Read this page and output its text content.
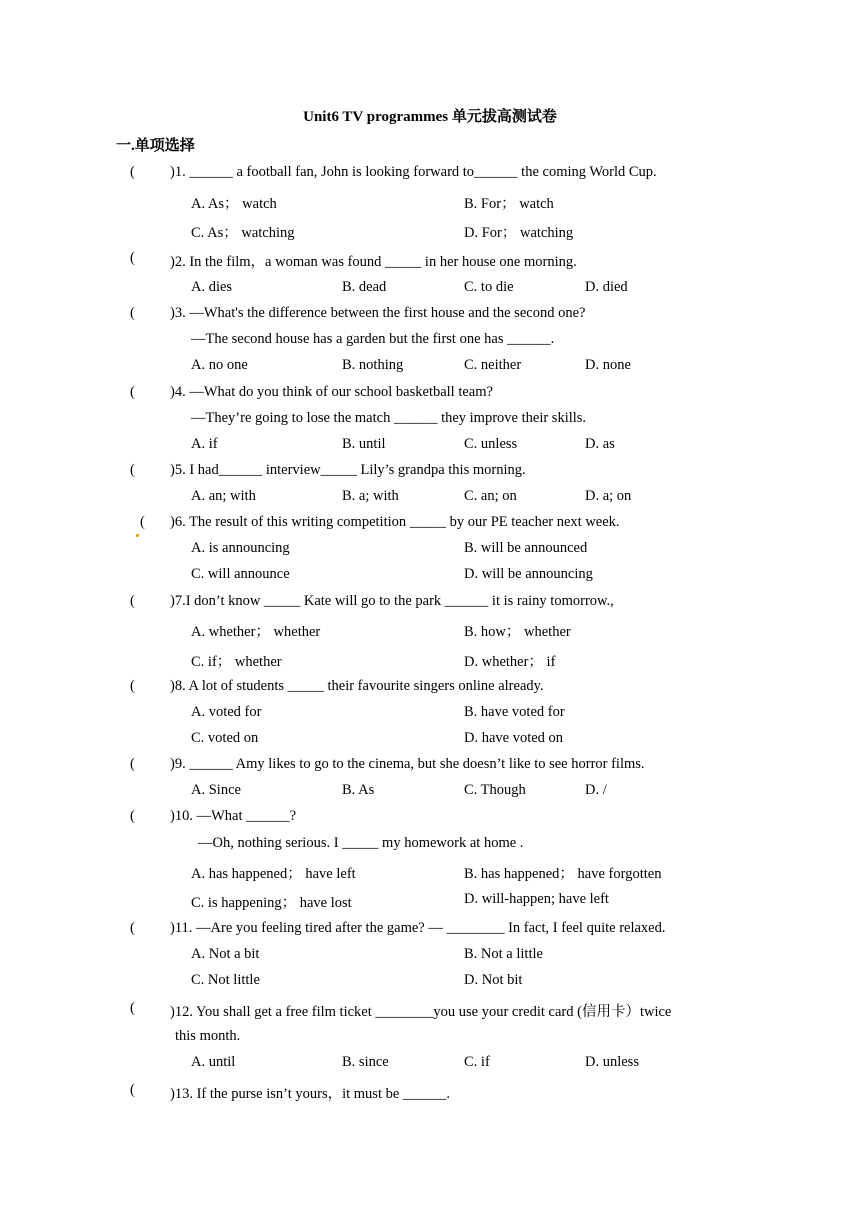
Unit6 TV programmes 单元拔高测试卷
一.单项选择
( )1. ______ a football fan, John is looking forward to______ the coming World Cup.
A. As； watch	B. For； watch
C. As； watching	D. For； watching
( )2. In the film，a woman was found _____ in her house one morning.
A. dies	B. dead	C. to die	D. died
( )3. —What's the difference between the first house and the second one?
—The second house has a garden but the first one has ______.
A. no one	B. nothing	C. neither	D. none
( )4. —What do you think of our school basketball team?
—They’re going to lose the match ______ they improve their skills.
A. if	B. until	C. unless	D. as
( )5. I had______ interview_____ Lily’s grandpa this morning.
A. an; with	B. a; with	C. an; on	D. a; on
( )6. The result of this writing competition _____ by our PE teacher next week.
A. is announcing	B. will be announced
C. will announce	D. will be announcing
( )7.I don’t know _____ Kate will go to the park ______ it is rainy tomorrow.,
A. whether； whether	B. how； whether
C. if； whether	D. whether； if
( )8. A lot of students _____ their favourite singers online already.
A. voted for	B. have voted for
C. voted on	D. have voted on
( )9. ______ Amy likes to go to the cinema, but she doesn’t like to see horror films.
A. Since	B. As	C. Though	D. /
( )10. —What ______?
—Oh, nothing serious. I _____ my homework at home .
A. has happened； have left	B. has happened； have forgotten
C. is happening； have lost	D. will-happen; have left
( )11. —Are you feeling tired after the game? — ________ In fact, I feel quite relaxed.
A. Not a bit	B. Not a little
C. Not little	D. Not bit
( )12. You shall get a free film ticket ________you use your credit card (信用卡）twice
this month.
A. until	B. since	C. if	D. unless
( )13. If the purse isn’t yours，it must be ______.
